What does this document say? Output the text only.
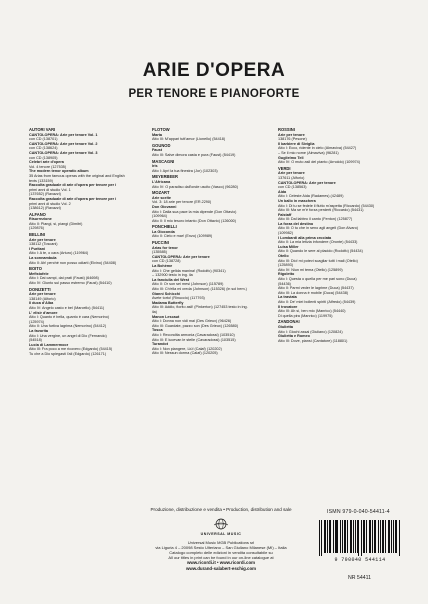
ARIE D'OPERA
PER TENORE E PIANOFORTE
AUTORI VARI
CANTOLOPERA: Arie per tenore Vol. 1
con CD (138701)
CANTOLOPERA: Arie per tenore Vol. 2
con CD (138624)
CANTOLOPERA: Arie per tenore Vol. 3
con CD (138905)
Celebri arie d'opera
Vol. 4 tenore (127535)
The modern tenor operatic album
35 Arias from famous operas with the original and English
texts (133159)
Raccolta graduale di arie d'opera per tenore per i
primi anni di studio Vol. 1
(137652) (Ravazzi)
Raccolta graduale di arie d'opera per tenore per i
primi anni di studio Vol. 2
(138612) (Ravazzi)
ALFANO
Risurrezione
Atto II: Piangi, si, piangi (Dimitri)
(129876)
BELLINI
Arie per tenore
138112 (Toscani)
I Puritani
Atto I: A te, o cara (Arturo) (119964)
La sonnambula
Atto II: Ah! perché non posso odiarti (Elvino) (54408)
BOITO
Mefistofele
Atto I: Dai campi, dai prati (Faust) (64698)
Atto IV: Giunto sul passo estremo (Faust) (54410)
DONIZETTI
Arie per tenore
138149 (Alforio)
Il duca d'Alba
Atto IV: Angelo casto e bel (Marcello) (54411)
L' elisir d'amore
Atto I: Quanto è bella, quanto è cara (Nemorino)
(125974)
Atto II: Una furtiva lagrima (Nemorino) (54412)
La favorita
Atto I: Una vergine, un angel di Dio (Fernando)
(54518)
Lucia di Lammermoor
Atto III: Fra poco a me ricovero (Edgardo) (54415)
Tu che a Dio spiegasti l'ali (Edgardo) (126171)
FLOTOW
Marta
Atto III: M'appari tutt'amor (Lionello) (54418)
GOUNOD
Faust
Atto III: Salve dimora casta e pura (Faust) (54419)
MASCAGNI
Iris
Atto I: Apri la tua finestra (Jor) (102303)
MEYERBEER
L'Africana
Atto IV: O paradiso dall'onde uscito (Vasco) (96280)
MOZART
Arie scelte
Vol. 3: 18 arie per tenore (ER.2290)
Don Giovanni
Atto I: Dalla sua pace la mia dipende (Don Ottavio)
(109964)
Atto II: Il mio tesoro intanto (Don Ottavio) (126000)
PONCHIELLI
La Gioconda
Atto II: Cielo e mar! (Enzo) (109989)
PUCCINI
Arias for tenor
(135585)
CANTOLOPERA: Arie per tenore
con CD (138728)
La Bohème
Atto I: Che gelida manina! (Rodolfo) (90341)
– 132900 testo in ing. ila
La fanciulla del West
Atto II: Or son sei mesi (Johnson) (115789)
Atto III: Ch'ella mi creda (Johnson) (115326) (in sol bem.)
Gianni Schicchi
Avete torto! (Rinuccio) (117793)
Madama Butterfly
Atto III: Addio, fiorito asil! (Pinkerton) (127453 testo in ing.
ila)
Manon Lescaut
Atto I: Donna non vidi mai (Des Grieux) (96426)
Atto III: Guardate, pazzo son (Des Grieux) (126580)
Tosca
Atto I: Recondita armonia (Cavaradossi) (103510)
Atto III: E lucevan le stelle (Cavaradossi) (103515)
Turandot
Atto I: Non piangere, Liù! (Calaf) (120202)
Atto III: Nessun dorma (Calaf) (120205)
ROSSINI
Arie per tenore
138176 (Pesone)
Il barbiere di Siviglia
Atto I: Ecco, ridente in cielo (Almaviva) (54427)
– Se il mio nome (Almaviva) (96281)
Guglielmo Tell
Atto IV: O muto asil del pianto (Arnoldo) (109974)
VERDI
Arie per tenore
137611 (Alforio)
CANTOLOPERA: Arie per tenore
con CD (138563)
Aida
Atto I: Celeste Aida (Radames) (42489)
Un ballo in maschera
Atto I: Di tu se fedele il flutto m'aspetta (Riccardo) (54430)
Atto III: Ma se m'è forza perderti (Riccardo) (54431)
Falstaff
Atto III: Dal labbro il canto (Fenton) (125877)
La forza del destino
Atto III: O tu che in seno agli angeli (Don Alvaro)
(109982)
I Lombardi alla prima crociata
Atto II: La mia letizia infondere (Oronte) (54433)
Luisa Miller
Atto II: Quando le sere al placido (Rodolfo) (54434)
Otello
Atto III: Dio! mi potevi scagliar tutti i mali (Otello)
(125893)
Atto IV: Niun mi tema (Otello) (125899)
Rigoletto
Atto I: Questa o quella per me pari sono (Duca)
(54436)
Atto II: Parmi veder le lagrime (Duca) (54437)
Atto III: La donna è mobile (Duca) (54438)
La traviata
Atto II: De' miei bollenti spiriti (Alfredo) (54439)
Il trovatore
Atto III: Ah sì, ben mio (Manrico) (54440)
Di quella pira (Manrico) (119975)
ZANDONAI
Giulietta
Atto I: Giochi assai (Giuliano) (120824)
Giulietta e Romeo
Atto III: Dove, piansi (Cantatore) (118801)
Produzione, distribuzione e vendita • Production, distribution and sale
UNIVERSAL MUSIC
Universal Music MGB Publications srl
via Liguria 4 – 20098 Sesto Ulteriano – San Giuliano Milanese (MI) – Italia
Catalogo completo delle edizioni in vendita consultabile su
All our titles in print can be found in our on-line catalogue at
www.ricordi.it • www.ricordi.com
www.durand-salabert-eschig.com
ISMN 979-0-040-54411-4
9 790040 544114
NR 54411
